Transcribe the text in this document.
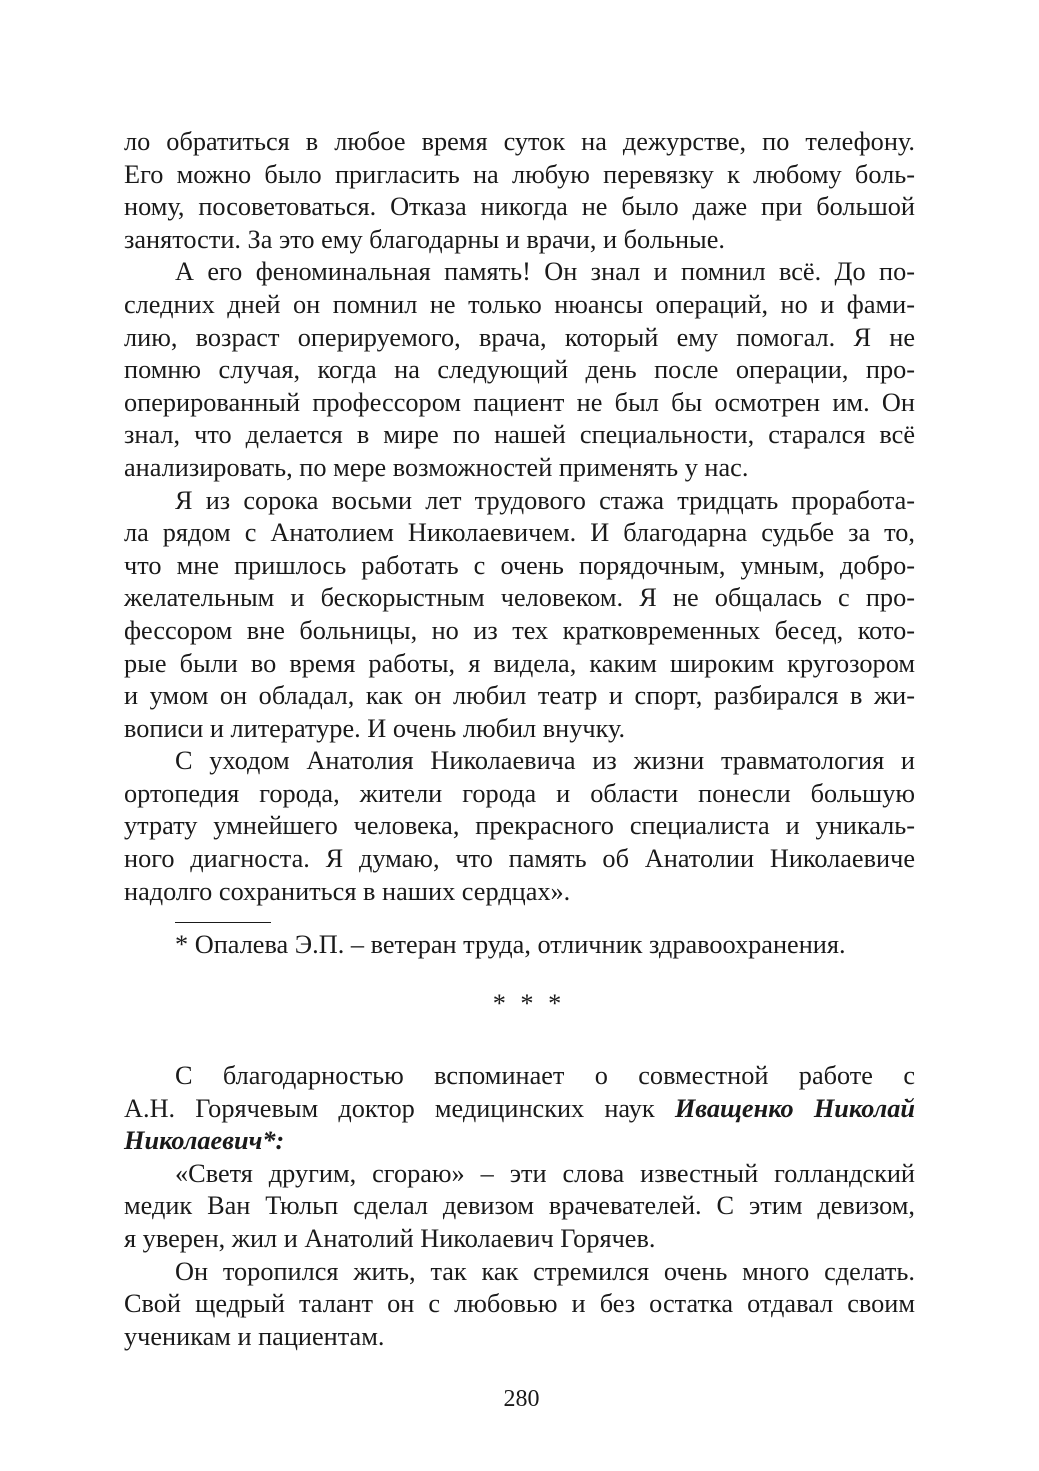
ло обратиться в любое время суток на дежурстве, по телефону.
Его можно было пригласить на любую перевязку к любому боль-
ному, посоветоваться. Отказа никогда не было даже при большой
занятости. За это ему благодарны и врачи, и больные.
А его феноминальная память! Он знал и помнил всё. До по-
следних дней он помнил не только нюансы операций, но и фами-
лию, возраст оперируемого, врача, который ему помогал. Я не
помню случая, когда на следующий день после операции, про-
оперированный профессором пациент не был бы осмотрен им. Он
знал, что делается в мире по нашей специальности, старался всё
анализировать, по мере возможностей применять у нас.
Я из сорока восьми лет трудового стажа тридцать проработа-
ла рядом с Анатолием Николаевичем. И благодарна судьбе за то,
что мне пришлось работать с очень порядочным, умным, добро-
желательным и бескорыстным человеком. Я не общалась с про-
фессором вне больницы, но из тех кратковременных бесед, кото-
рые были во время работы, я видела, каким широким кругозором
и умом он обладал, как он любил театр и спорт, разбирался в жи-
вописи и литературе. И очень любил внучку.
С уходом Анатолия Николаевича из жизни травматология и
ортопедия города, жители города и области понесли большую
утрату умнейшего человека, прекрасного специалиста и уникаль-
ного диагноста. Я думаю, что память об Анатолии Николаевиче
надолго сохраниться в наших сердцах».
* Опалева Э.П. – ветеран труда, отличник здравоохранения.
* * *
С благодарностью вспоминает о совместной работе с
А.Н. Горячевым доктор медицинских наук Иващенко Николай
Николаевич*:
«Светя другим, сгораю» – эти слова известный голландский
медик Ван Тюльп сделал девизом врачевателей. С этим девизом,
я уверен, жил и Анатолий Николаевич Горячев.
Он торопился жить, так как стремился очень много сделать.
Свой щедрый талант он с любовью и без остатка отдавал своим
ученикам и пациентам.
280
